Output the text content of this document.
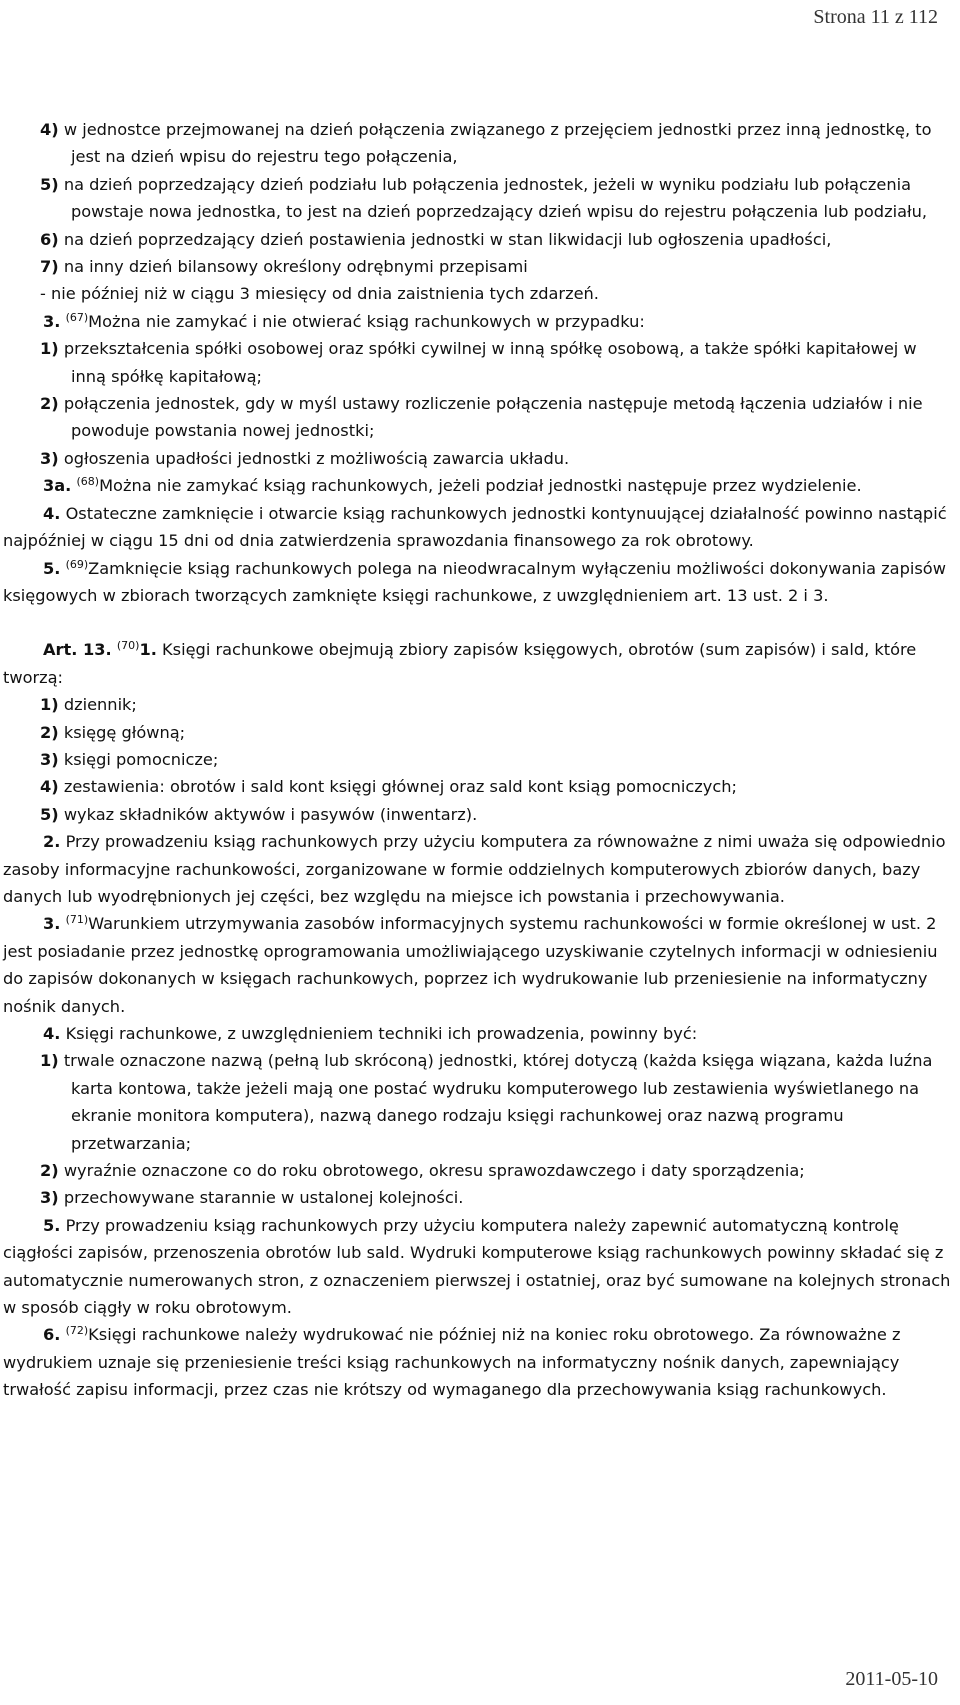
Strona 11 z 112

4) w jednostce przejmowanej na dzień połączenia związanego z przejęciem jednostki przez inną jednostkę, to jest na dzień wpisu do rejestru tego połączenia,

5) na dzień poprzedzający dzień podziału lub połączenia jednostek, jeżeli w wyniku podziału lub połączenia powstaje nowa jednostka, to jest na dzień poprzedzający dzień wpisu do rejestru połączenia lub podziału,

6) na dzień poprzedzający dzień postawienia jednostki w stan likwidacji lub ogłoszenia upadłości,

7) na inny dzień bilansowy określony odrębnymi przepisami

- nie później niż w ciągu 3 miesięcy od dnia zaistnienia tych zdarzeń.

3. $^{(67)}$Można nie zamykać i nie otwierać ksiąg rachunkowych w przypadku:

1) przekształcenia spółki osobowej oraz spółki cywilnej w inną spółkę osobową, a także spółki kapitałowej w inną spółkę kapitałową;

2) połączenia jednostek, gdy w myśl ustawy rozliczenie połączenia następuje metodą łączenia udziałów i nie powoduje powstania nowej jednostki;

3) ogłoszenia upadłości jednostki z możliwością zawarcia układu.

3a. $^{(68)}$Można nie zamykać ksiąg rachunkowych, jeżeli podział jednostki następuje przez wydzielenie.

4. Ostateczne zamknięcie i otwarcie ksiąg rachunkowych jednostki kontynuującej działalność powinno nastąpić najpóźniej w ciągu 15 dni od dnia zatwierdzenia sprawozdania finansowego za rok obrotowy.

5. $^{(69)}$Zamknięcie ksiąg rachunkowych polega na nieodwracalnym wyłączeniu możliwości dokonywania zapisów księgowych w zbiorach tworzących zamknięte księgi rachunkowe, z uwzględnieniem art. 13 ust. 2 i 3.

Art. 13. $^{(70)}$1. Księgi rachunkowe obejmują zbiory zapisów księgowych, obrotów (sum zapisów) i sald, które tworzą:

1) dziennik;

2) księgę główną;

3) księgi pomocnicze;

4) zestawienia: obrotów i sald kont księgi głównej oraz sald kont ksiąg pomocniczych;

5) wykaz składników aktywów i pasywów (inwentarz).

2. Przy prowadzeniu ksiąg rachunkowych przy użyciu komputera za równoważne z nimi uważa się odpowiednio zasoby informacyjne rachunkowości, zorganizowane w formie oddzielnych komputerowych zbiorów danych, bazy danych lub wyodrębnionych jej części, bez względu na miejsce ich powstania i przechowywania.

3. $^{(71)}$Warunkiem utrzymywania zasobów informacyjnych systemu rachunkowości w formie określonej w ust. 2 jest posiadanie przez jednostkę oprogramowania umożliwiającego uzyskiwanie czytelnych informacji w odniesieniu do zapisów dokonanych w księgach rachunkowych, poprzez ich wydrukowanie lub przeniesienie na informatyczny nośnik danych.

4. Księgi rachunkowe, z uwzględnieniem techniki ich prowadzenia, powinny być:

1) trwale oznaczone nazwą (pełną lub skróconą) jednostki, której dotyczą (każda księga wiązana, każda luźna karta kontowa, także jeżeli mają one postać wydruku komputerowego lub zestawienia wyświetlanego na ekranie monitora komputera), nazwą danego rodzaju księgi rachunkowej oraz nazwą programu przetwarzania;

2) wyraźnie oznaczone co do roku obrotowego, okresu sprawozdawczego i daty sporządzenia;

3) przechowywane starannie w ustalonej kolejności.

5. Przy prowadzeniu ksiąg rachunkowych przy użyciu komputera należy zapewnić automatyczną kontrolę ciągłości zapisów, przenoszenia obrotów lub sald. Wydruki komputerowe ksiąg rachunkowych powinny składać się z automatycznie numerowanych stron, z oznaczeniem pierwszej i ostatniej, oraz być sumowane na kolejnych stronach w sposób ciągły w roku obrotowym.

6. $^{(72)}$Księgi rachunkowe należy wydrukować nie później niż na koniec roku obrotowego. Za równoważne z wydrukiem uznaje się przeniesienie treści ksiąg rachunkowych na informatyczny nośnik danych, zapewniający trwałość zapisu informacji, przez czas nie krótszy od wymaganego dla przechowywania ksiąg rachunkowych.

2011-05-10
